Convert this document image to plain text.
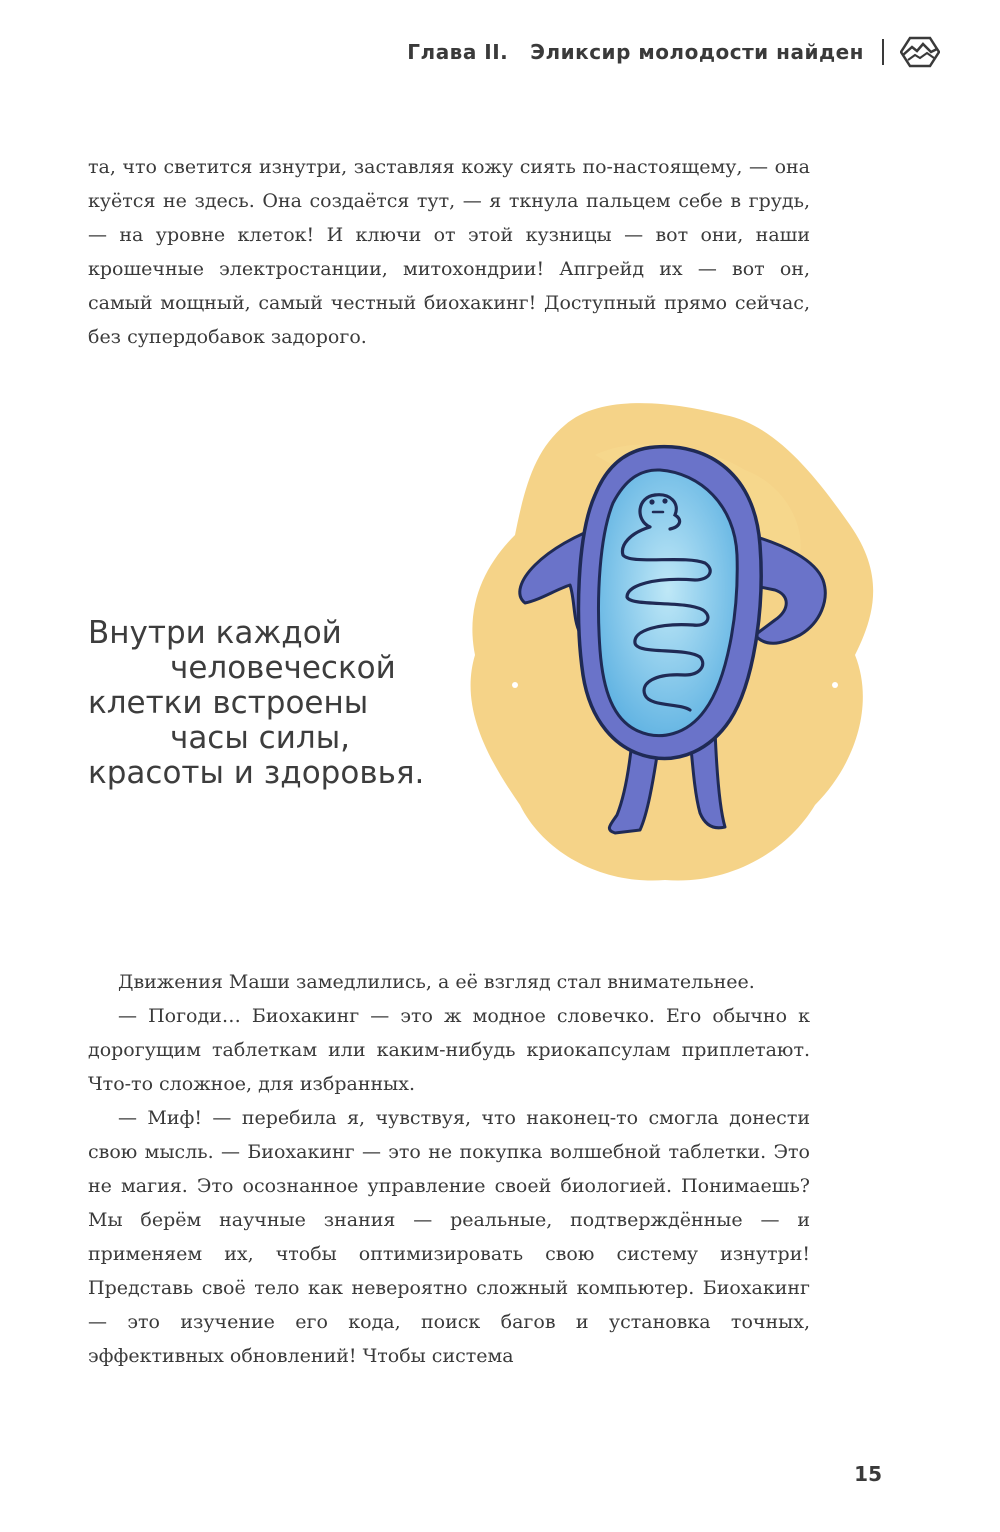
Глава II. Эликсир молодости найден

та, что светится изнутри, заставляя кожу сиять по-настоящему, — она куётся не здесь. Она создаётся тут, — я ткнула пальцем себе в грудь, — на уровне клеток! И ключи от этой кузницы — вот они, наши крошечные электростанции, митохондрии! Апгрейд их — вот он, самый мощный, самый честный биохакинг! Доступный прямо сейчас, без супердобавок задорого.

Внутри каждой
человеческой
клетки встроены
часы силы,
красоты и здоровья.

Движения Маши замедлились, а её взгляд стал внимательнее.

— Погоди… Биохакинг — это ж модное словечко. Его обычно к дорогущим таблеткам или каким-нибудь криокапсулам приплетают. Что-то сложное, для избранных.

— Миф! — перебила я, чувствуя, что наконец-то смогла донести свою мысль. — Биохакинг — это не покупка волшебной таблетки. Это не магия. Это осознанное управление своей биологией. Понимаешь? Мы берём научные знания — реальные, подтверждённые — и применяем их, чтобы оптимизировать свою систему изнутри! Представь своё тело как невероятно сложный компьютер. Биохакинг — это изучение его кода, поиск багов и установка точных, эффективных обновлений! Чтобы система

15
